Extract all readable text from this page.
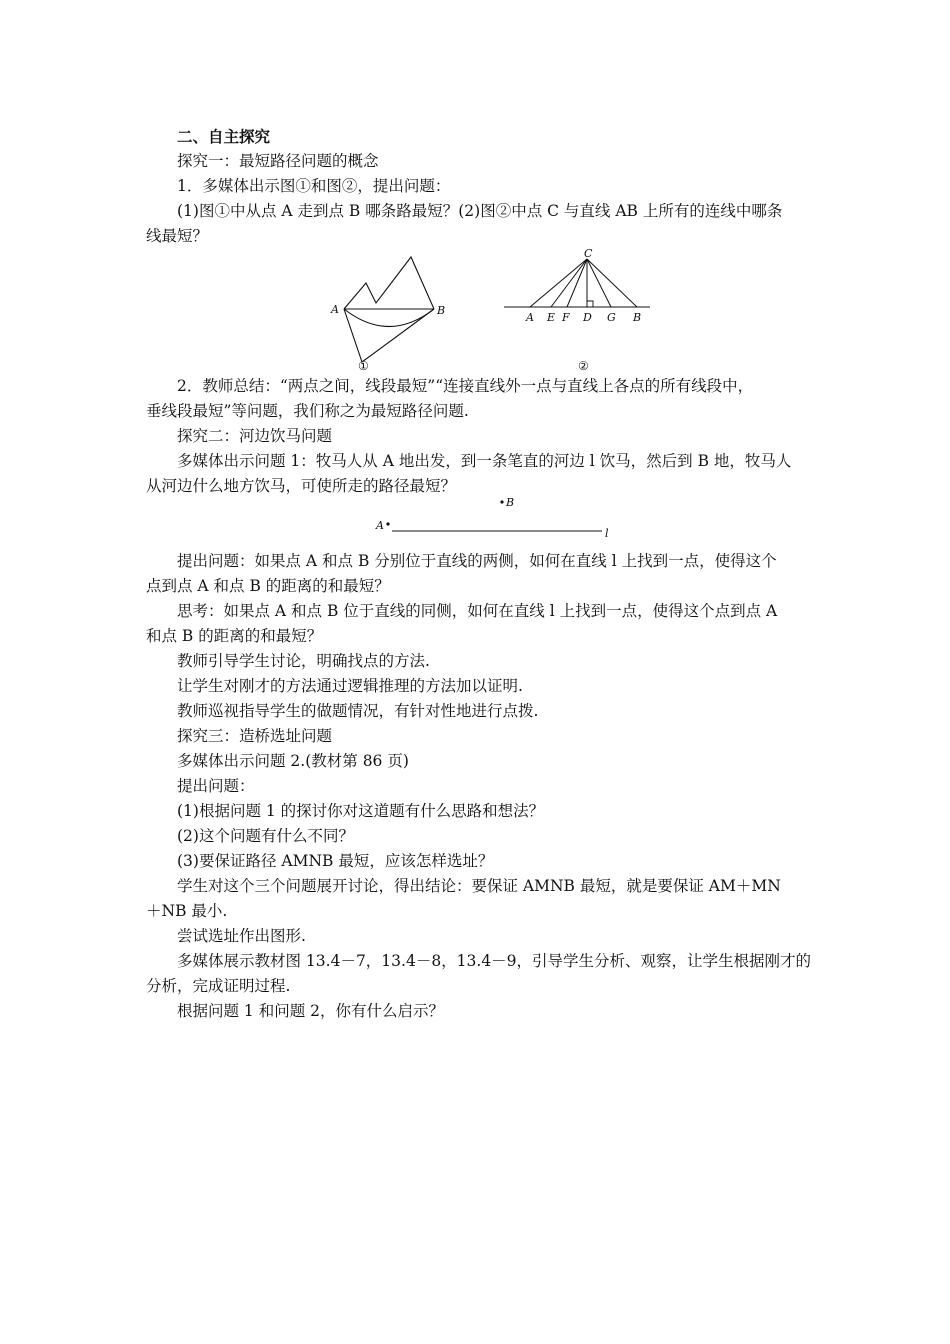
二、自主探究

探究一：最短路径问题的概念

1．多媒体出示图①和图②，提出问题：

(1)图①中从点 A 走到点 B 哪条路最短？(2)图②中点 C 与直线 AB 上所有的连线中哪条

线最短？

A	B
①
C
A E F D G B
②

2．教师总结：“两点之间，线段最短”“连接直线外一点与直线上各点的所有线段中，

垂线段最短”等问题，我们称之为最短路径问题.

探究二：河边饮马问题

多媒体出示问题 1：牧马人从 A 地出发，到一条笔直的河边 l 饮马，然后到 B 地，牧马人

从河边什么地方饮马，可使所走的路径最短？

B
A
l

提出问题：如果点 A 和点 B 分别位于直线的两侧，如何在直线 l 上找到一点，使得这个

点到点 A 和点 B 的距离的和最短？

思考：如果点 A 和点 B 位于直线的同侧，如何在直线 l 上找到一点，使得这个点到点 A

和点 B 的距离的和最短？

教师引导学生讨论，明确找点的方法.

让学生对刚才的方法通过逻辑推理的方法加以证明.

教师巡视指导学生的做题情况，有针对性地进行点拨.

探究三：造桥选址问题

多媒体出示问题 2.(教材第 86 页)

提出问题：

(1)根据问题 1 的探讨你对这道题有什么思路和想法？

(2)这个问题有什么不同？

(3)要保证路径 AMNB 最短，应该怎样选址？

学生对这个三个问题展开讨论，得出结论：要保证 AMNB 最短，就是要保证 AM＋MN

＋NB 最小.

尝试选址作出图形.

多媒体展示教材图 13.4－7，13.4－8，13.4－9，引导学生分析、观察，让学生根据刚才的

分析，完成证明过程.

根据问题 1 和问题 2，你有什么启示？
